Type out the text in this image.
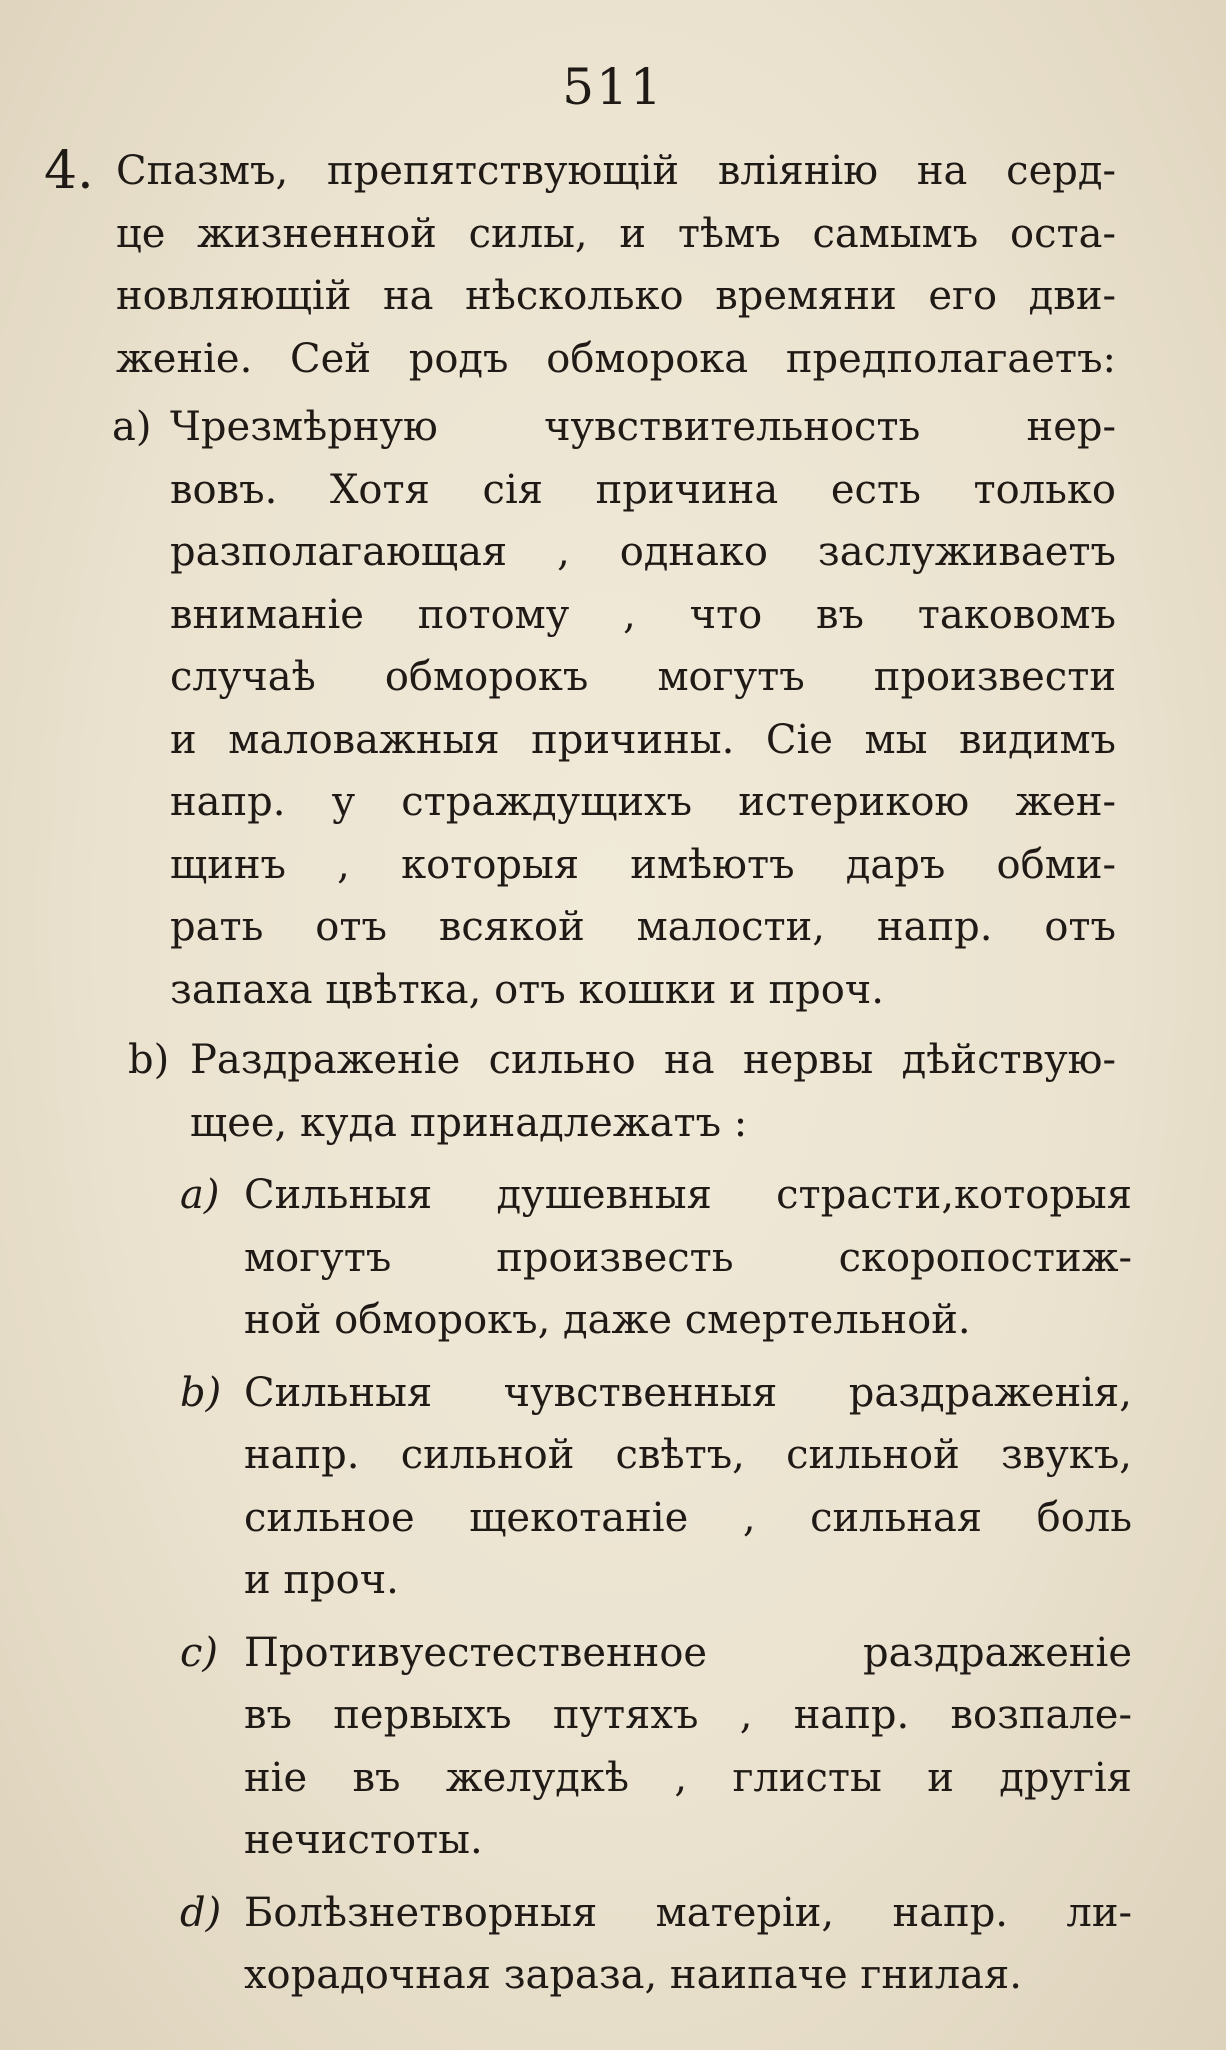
511
4. Спазмъ, препятствующій вліянію на серд-
це жизненной силы, и тѣмъ самымъ оста-
новляющій на нѣсколько времяни его дви-
женіе. Сей родъ обморока предполагаетъ:
a) Чрезмѣрную чувствительность нер-
вовъ. Хотя сія причина есть только
разполагающая , однако заслуживаетъ
вниманіе потому , что въ таковомъ
случаѣ обморокъ могутъ произвести
и маловажныя причины. Сіе мы видимъ
напр. у страждущихъ истерикою жен-
щинъ , которыя имѣютъ даръ обми-
рать отъ всякой малости, напр. отъ
запаха цвѣтка, отъ кошки и проч.
b) Раздраженіе сильно на нервы дѣйствую-
щее, куда принадлежатъ :
a) Сильныя душевныя страсти,которыя
могутъ произвесть скоропостиж-
ной обморокъ, даже смертельной.
b) Сильныя чувственныя раздраженія,
напр. сильной свѣтъ, сильной звукъ,
сильное щекотаніе , сильная боль
и проч.
c) Противуестественное раздраженіе
въ первыхъ путяхъ , напр. возпале-
ніе въ желудкѣ , глисты и другія
нечистоты.
d) Болѣзнетворныя матеріи, напр. ли-
хорадочная зараза, наипаче гнилая.
